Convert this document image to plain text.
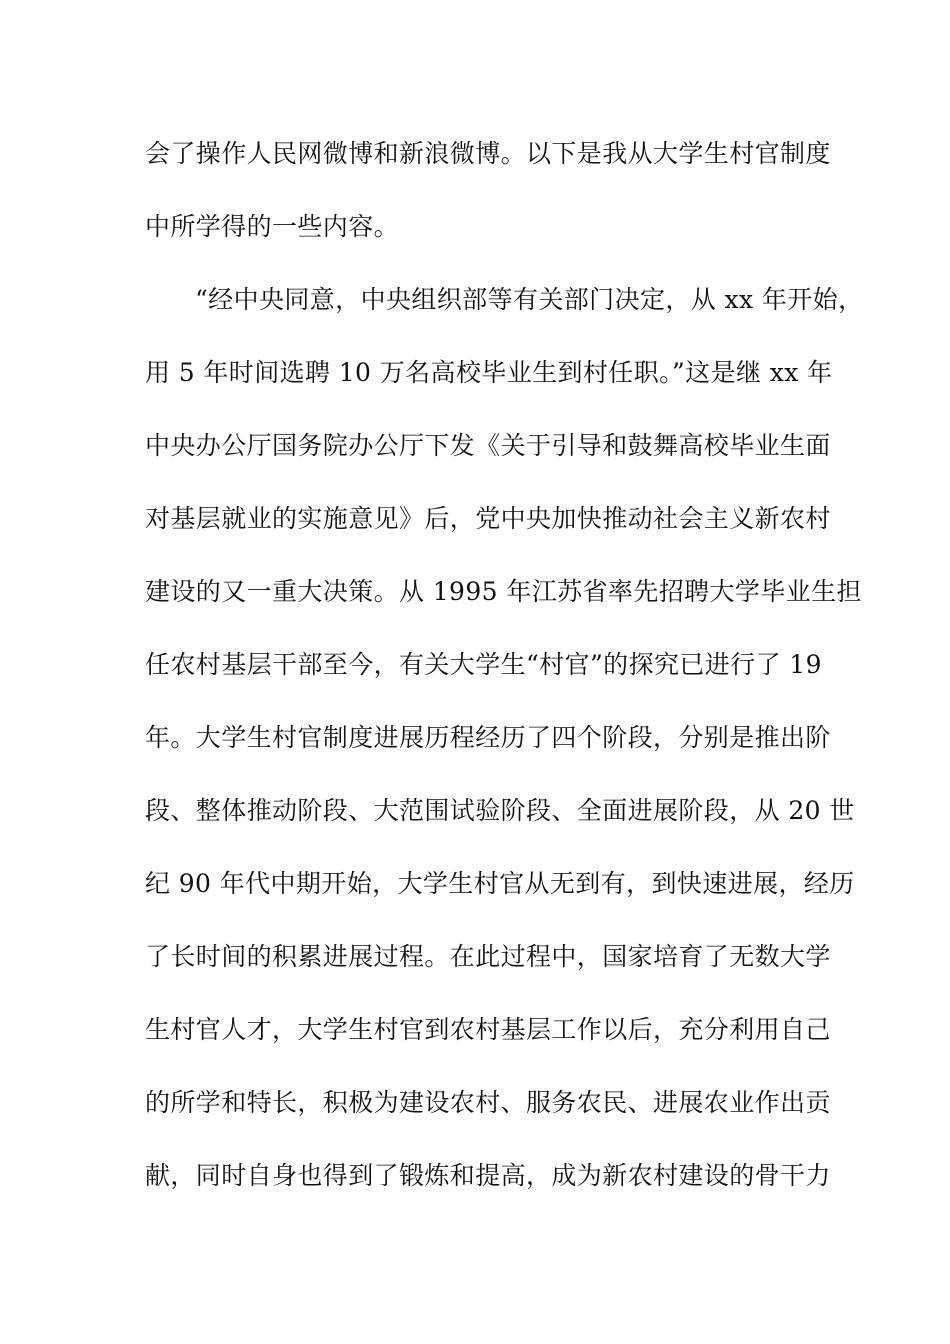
会了操作人民网微博和新浪微博。以下是我从大学生村官制度
中所学得的一些内容。
“经中央同意，中央组织部等有关部门决定，从 xx 年开始，
用 5 年时间选聘 10 万名高校毕业生到村任职。”这是继 xx 年
中央办公厅国务院办公厅下发《关于引导和鼓舞高校毕业生面
对基层就业的实施意见》后，党中央加快推动社会主义新农村
建设的又一重大决策。从 1995 年江苏省率先招聘大学毕业生担
任农村基层干部至今，有关大学生“村官”的探究已进行了 19
年。大学生村官制度进展历程经历了四个阶段，分别是推出阶
段、整体推动阶段、大范围试验阶段、全面进展阶段，从 20 世
纪 90 年代中期开始，大学生村官从无到有，到快速进展，经历
了长时间的积累进展过程。在此过程中，国家培育了无数大学
生村官人才，大学生村官到农村基层工作以后，充分利用自己
的所学和特长，积极为建设农村、服务农民、进展农业作出贡
献，同时自身也得到了锻炼和提高，成为新农村建设的骨干力
